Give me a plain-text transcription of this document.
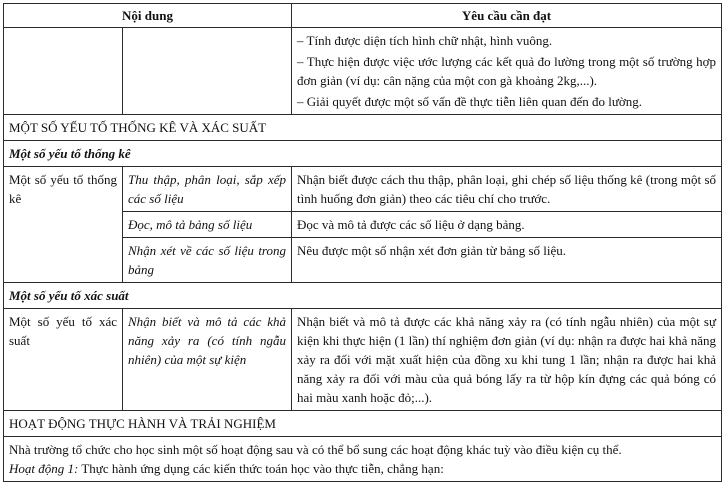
Nội dung		Yêu cầu cần đạt

		– Tính được diện tích hình chữ nhật, hình vuông.

– Thực hiện được việc ước lượng các kết quả đo lường trong một số trường hợp đơn giản (ví dụ: cân nặng của một con gà khoảng 2kg,...).

– Giải quyết được một số vấn đề thực tiễn liên quan đến đo lường.

MỘT SỐ YẾU TỐ THỐNG KÊ VÀ XÁC SUẤT		
Một số yếu tố thống kê		
Một số yếu tố thống kê	Thu thập, phân loại, sắp xếp các số liệu	Nhận biết được cách thu thập, phân loại, ghi chép số liệu thống kê (trong một số tình huống đơn giản) theo các tiêu chí cho trước.
	Đọc, mô tả bảng số liệu	Đọc và mô tả được các số liệu ở dạng bảng.
	Nhận xét về các số liệu trong bảng	Nêu được một số nhận xét đơn giản từ bảng số liệu.
Một số yếu tố xác suất		
Một số yếu tố xác suất	Nhận biết và mô tả các khả năng xảy ra (có tính ngẫu nhiên) của một sự kiện	Nhận biết và mô tả được các khả năng xảy ra (có tính ngẫu nhiên) của một sự kiện khi thực hiện (1 lần) thí nghiệm đơn giản (ví dụ: nhận ra được hai khả năng xảy ra đối với mặt xuất hiện của đồng xu khi tung 1 lần; nhận ra được hai khả năng xảy ra đối với màu của quả bóng lấy ra từ hộp kín đựng các quả bóng có hai màu xanh hoặc đỏ;...).
HOẠT ĐỘNG THỰC HÀNH VÀ TRẢI NGHIỆM		

Nhà trường tổ chức cho học sinh một số hoạt động sau và có thể bổ sung các hoạt động khác tuỳ vào điều kiện cụ thể.
Hoạt động 1: Thực hành ứng dụng các kiến thức toán học vào thực tiễn, chẳng hạn:		
